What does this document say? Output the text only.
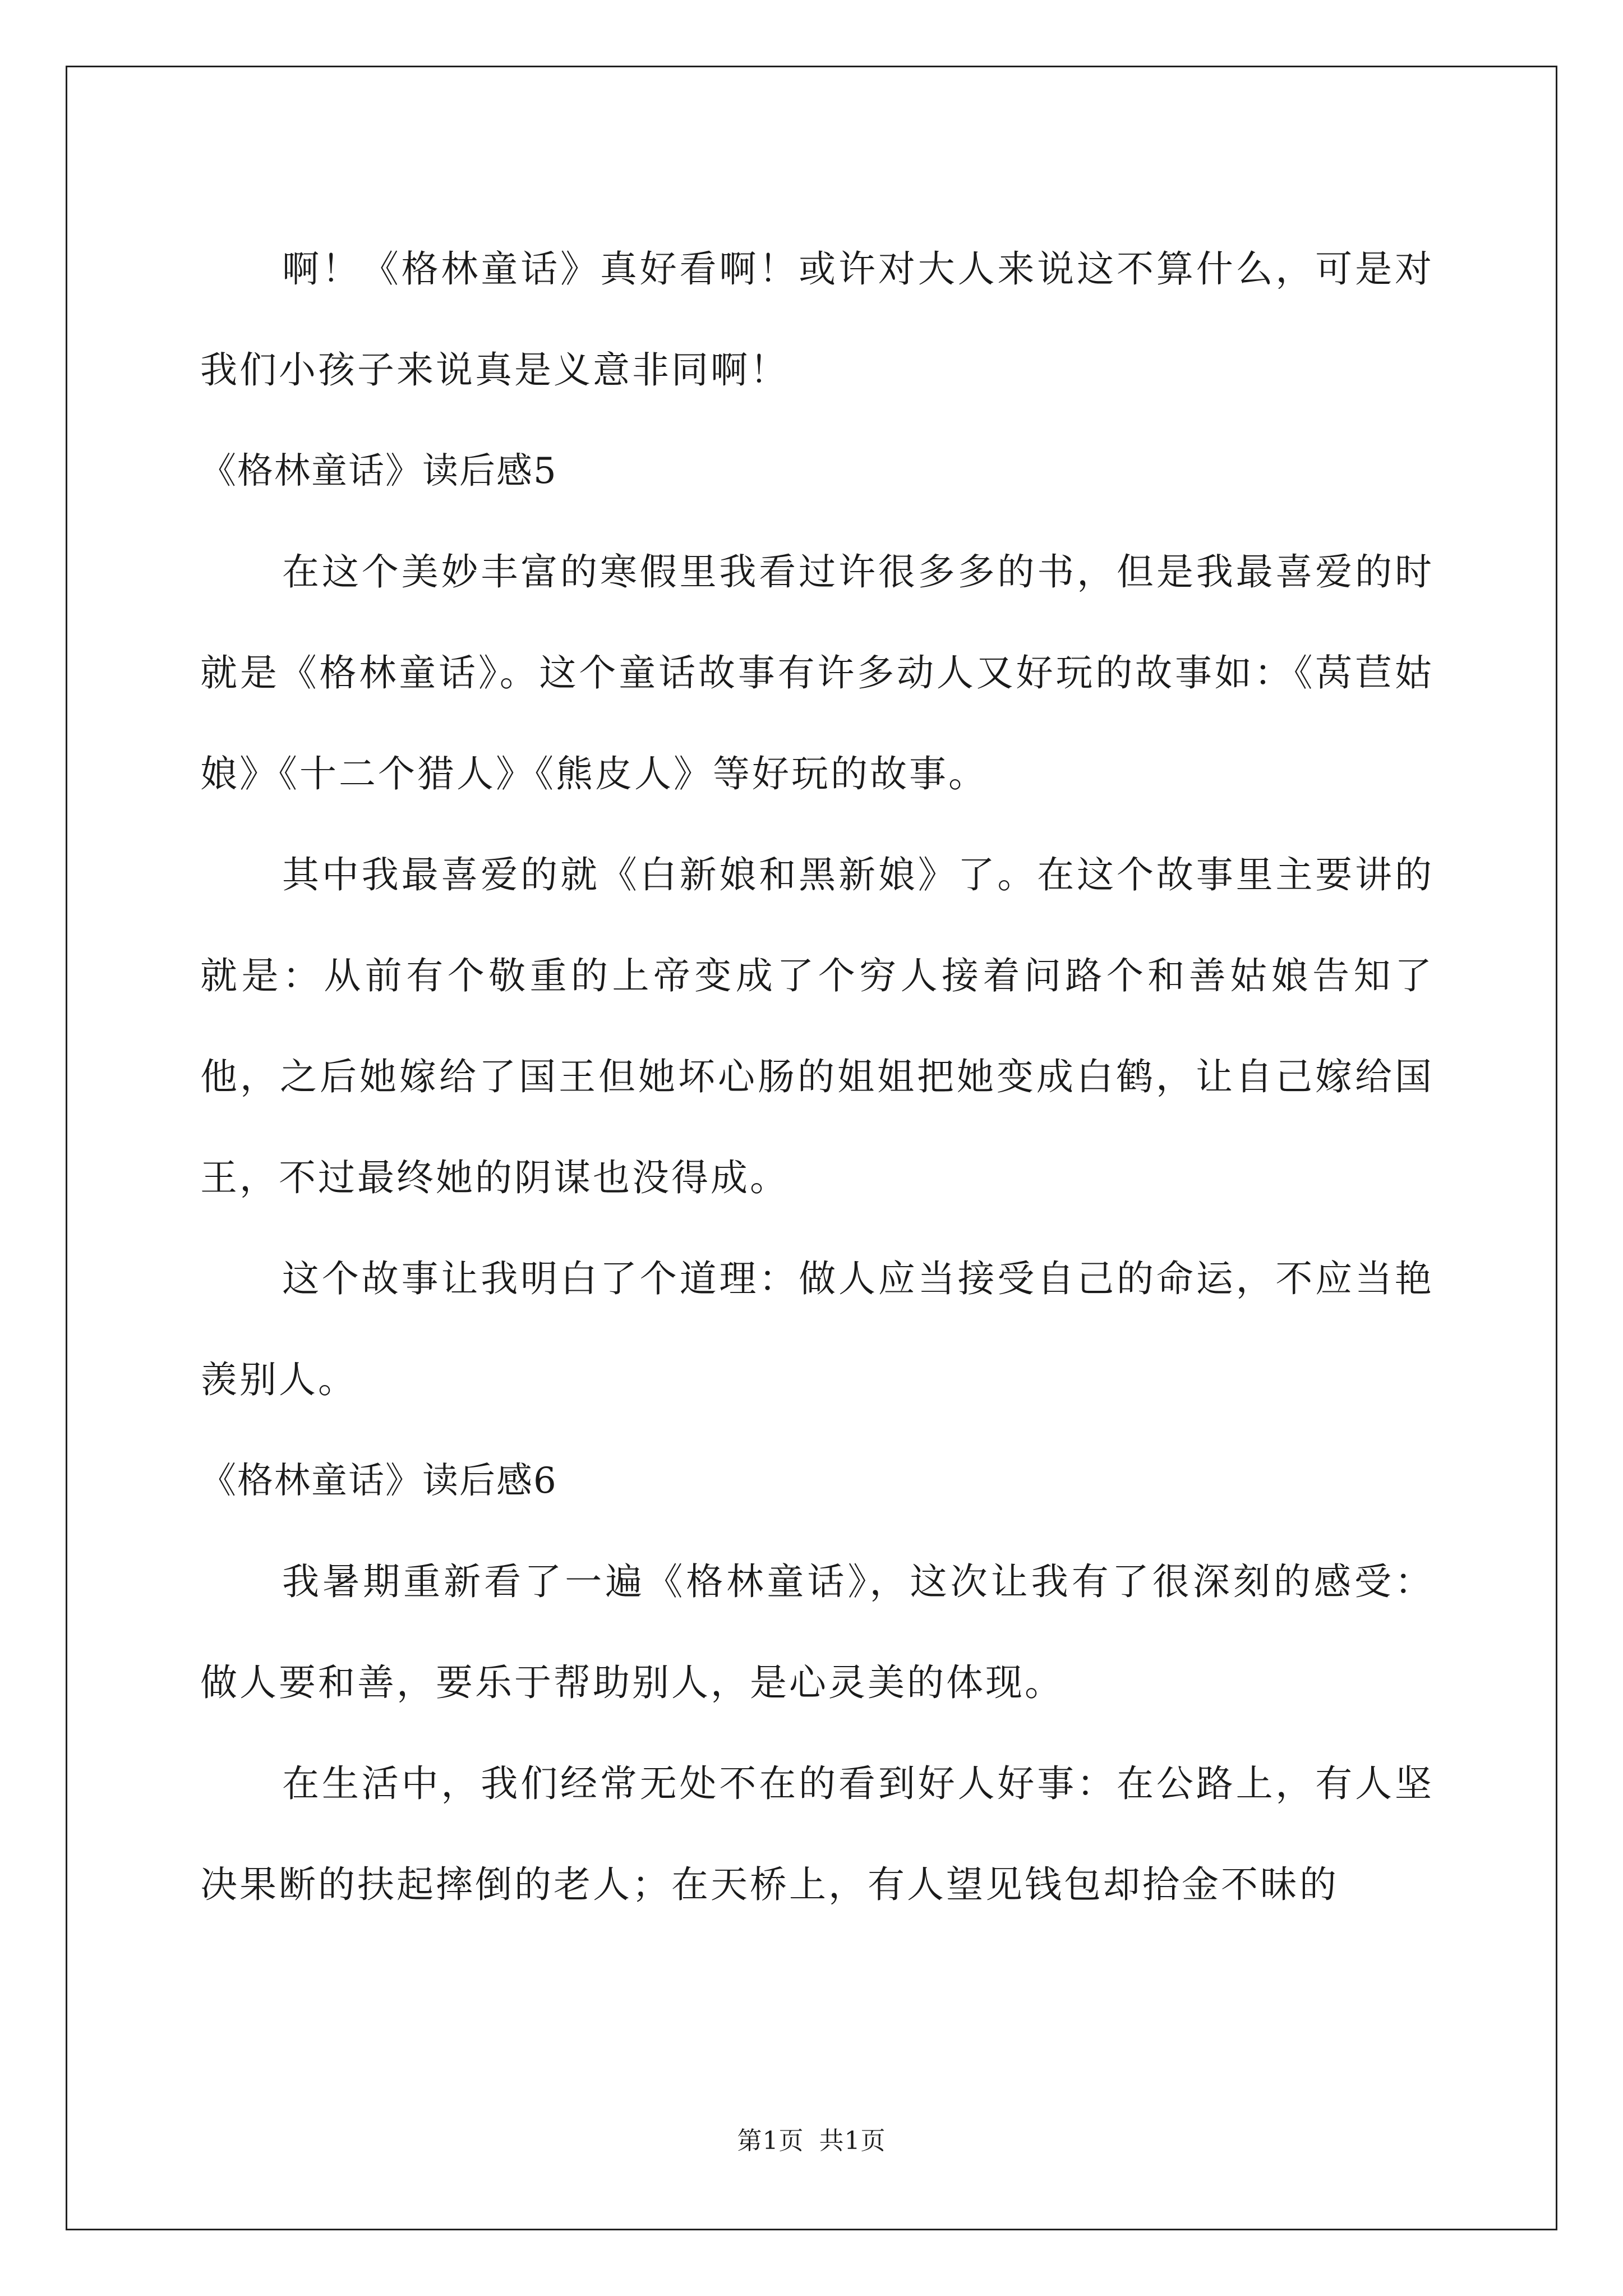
啊！《格林童话》真好看啊！或许对大人来说这不算什么，可是对我们小孩子来说真是义意非同啊！

《格林童话》读后感5

在这个美妙丰富的寒假里我看过许很多多的书，但是我最喜爱的时就是《格林童话》。这个童话故事有许多动人又好玩的故事如：《莴苣姑娘》《十二个猎人》《熊皮人》等好玩的故事。

其中我最喜爱的就《白新娘和黑新娘》了。在这个故事里主要讲的就是：从前有个敬重的上帝变成了个穷人接着问路个和善姑娘告知了他，之后她嫁给了国王但她坏心肠的姐姐把她变成白鹤，让自己嫁给国王，不过最终她的阴谋也没得成。

这个故事让我明白了个道理：做人应当接受自己的命运，不应当艳羡别人。

《格林童话》读后感6

我暑期重新看了一遍《格林童话》，这次让我有了很深刻的感受：做人要和善，要乐于帮助别人，是心灵美的体现。

在生活中，我们经常无处不在的看到好人好事：在公路上，有人坚决果断的扶起摔倒的老人；在天桥上，有人望见钱包却拾金不昧的

第1页 共1页
